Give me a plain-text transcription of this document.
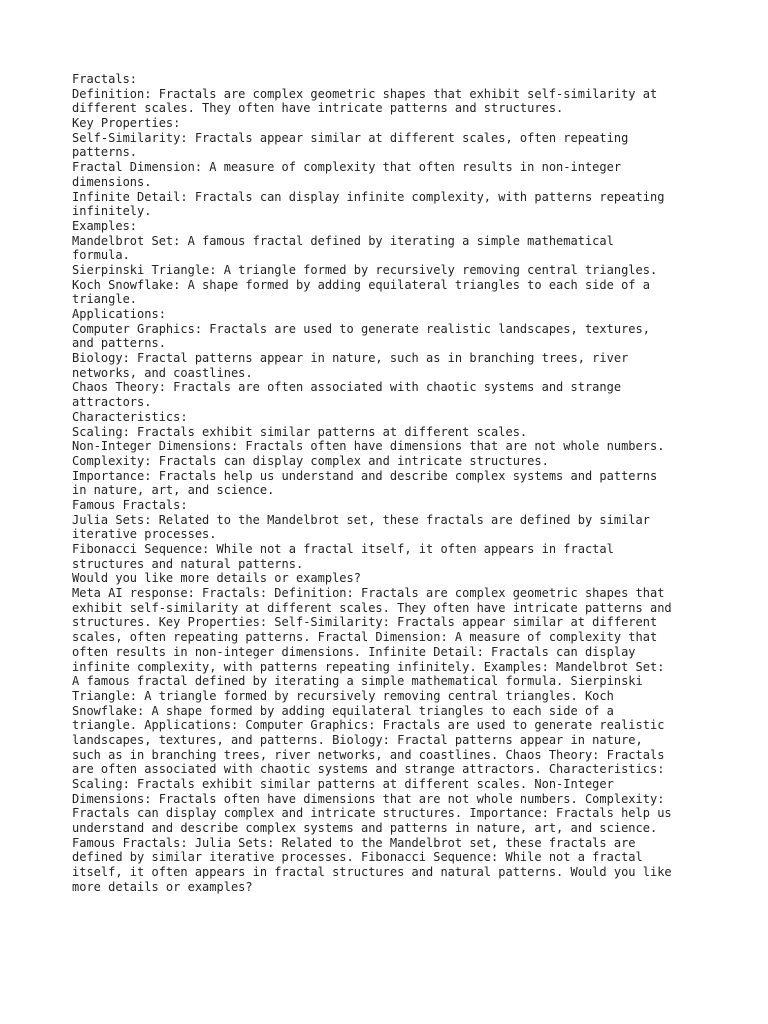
Fractals:
Definition: Fractals are complex geometric shapes that exhibit self-similarity at
different scales. They often have intricate patterns and structures.
Key Properties:
Self-Similarity: Fractals appear similar at different scales, often repeating
patterns.
Fractal Dimension: A measure of complexity that often results in non-integer
dimensions.
Infinite Detail: Fractals can display infinite complexity, with patterns repeating
infinitely.
Examples:
Mandelbrot Set: A famous fractal defined by iterating a simple mathematical
formula.
Sierpinski Triangle: A triangle formed by recursively removing central triangles.
Koch Snowflake: A shape formed by adding equilateral triangles to each side of a
triangle.
Applications:
Computer Graphics: Fractals are used to generate realistic landscapes, textures,
and patterns.
Biology: Fractal patterns appear in nature, such as in branching trees, river
networks, and coastlines.
Chaos Theory: Fractals are often associated with chaotic systems and strange
attractors.
Characteristics:
Scaling: Fractals exhibit similar patterns at different scales.
Non-Integer Dimensions: Fractals often have dimensions that are not whole numbers.
Complexity: Fractals can display complex and intricate structures.
Importance: Fractals help us understand and describe complex systems and patterns
in nature, art, and science.
Famous Fractals:
Julia Sets: Related to the Mandelbrot set, these fractals are defined by similar
iterative processes.
Fibonacci Sequence: While not a fractal itself, it often appears in fractal
structures and natural patterns.
Would you like more details or examples?
Meta AI response: Fractals: Definition: Fractals are complex geometric shapes that
exhibit self-similarity at different scales. They often have intricate patterns and
structures. Key Properties: Self-Similarity: Fractals appear similar at different
scales, often repeating patterns. Fractal Dimension: A measure of complexity that
often results in non-integer dimensions. Infinite Detail: Fractals can display
infinite complexity, with patterns repeating infinitely. Examples: Mandelbrot Set:
A famous fractal defined by iterating a simple mathematical formula. Sierpinski
Triangle: A triangle formed by recursively removing central triangles. Koch
Snowflake: A shape formed by adding equilateral triangles to each side of a
triangle. Applications: Computer Graphics: Fractals are used to generate realistic
landscapes, textures, and patterns. Biology: Fractal patterns appear in nature,
such as in branching trees, river networks, and coastlines. Chaos Theory: Fractals
are often associated with chaotic systems and strange attractors. Characteristics:
Scaling: Fractals exhibit similar patterns at different scales. Non-Integer
Dimensions: Fractals often have dimensions that are not whole numbers. Complexity:
Fractals can display complex and intricate structures. Importance: Fractals help us
understand and describe complex systems and patterns in nature, art, and science.
Famous Fractals: Julia Sets: Related to the Mandelbrot set, these fractals are
defined by similar iterative processes. Fibonacci Sequence: While not a fractal
itself, it often appears in fractal structures and natural patterns. Would you like
more details or examples?
